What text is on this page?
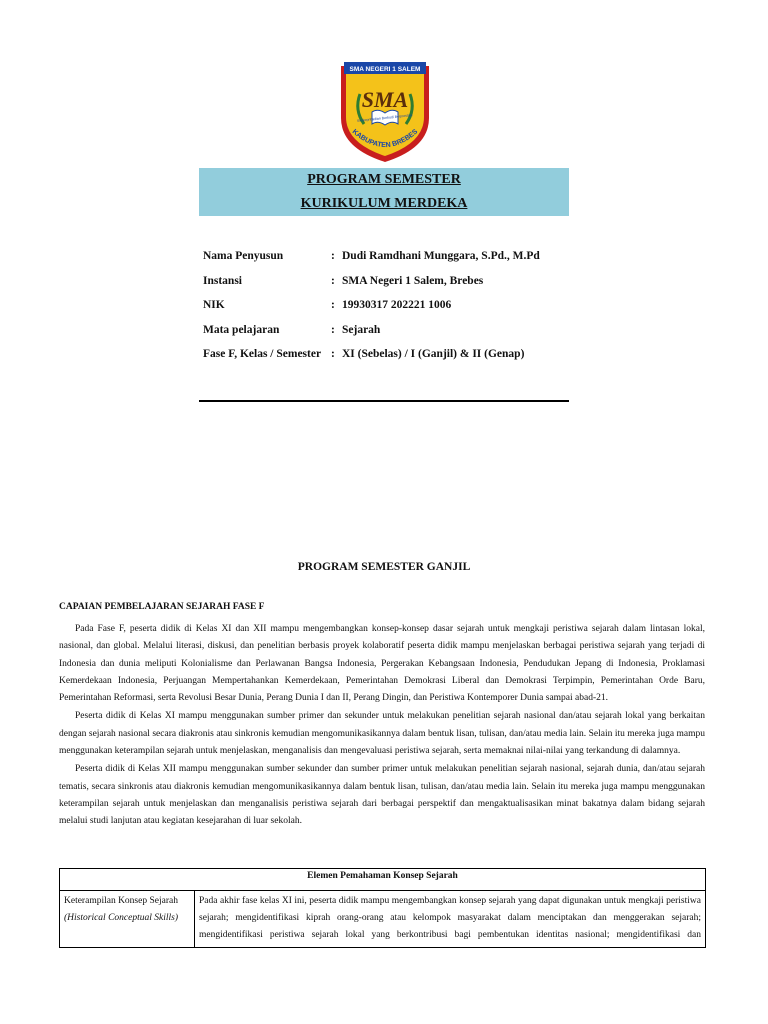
SMA NEGERI 1 SALEM
SMA
Berkepribadian Berbudi Berprestasi
KABUPATEN BREBES
PROGRAM SEMESTER
KURIKULUM MERDEKA
Nama Penyusun	: Dudi Ramdhani Munggara, S.Pd., M.Pd
Instansi	: SMA Negeri 1 Salem, Brebes
NIK	: 19930317 202221 1006
Mata pelajaran	: Sejarah
Fase F, Kelas / Semester : XI (Sebelas) / I (Ganjil) & II (Genap)
PROGRAM SEMESTER GANJIL
CAPAIAN PEMBELAJARAN SEJARAH FASE F

Pada Fase F, peserta didik di Kelas XI dan XII mampu mengembangkan konsep-konsep dasar sejarah untuk mengkaji peristiwa sejarah dalam lintasan lokal, nasional, dan global. Melalui literasi, diskusi, dan penelitian berbasis proyek kolaboratif peserta didik mampu menjelaskan berbagai peristiwa sejarah yang terjadi di Indonesia dan dunia meliputi Kolonialisme dan Perlawanan Bangsa Indonesia, Pergerakan Kebangsaan Indonesia, Pendudukan Jepang di Indonesia, Proklamasi Kemerdekaan Indonesia, Perjuangan Mempertahankan Kemerdekaan, Pemerintahan Demokrasi Liberal dan Demokrasi Terpimpin, Pemerintahan Orde Baru, Pemerintahan Reformasi, serta Revolusi Besar Dunia, Perang Dunia I dan II, Perang Dingin, dan Peristiwa Kontemporer Dunia sampai abad-21.

Peserta didik di Kelas XI mampu menggunakan sumber primer dan sekunder untuk melakukan penelitian sejarah nasional dan/atau sejarah lokal yang berkaitan dengan sejarah nasional secara diakronis atau sinkronis kemudian mengomunikasikannya dalam bentuk lisan, tulisan, dan/atau media lain. Selain itu mereka juga mampu menggunakan keterampilan sejarah untuk menjelaskan, menganalisis dan mengevaluasi peristiwa sejarah, serta memaknai nilai-nilai yang terkandung di dalamnya.

Peserta didik di Kelas XII mampu menggunakan sumber sekunder dan sumber primer untuk melakukan penelitian sejarah nasional, sejarah dunia, dan/atau sejarah tematis, secara sinkronis atau diakronis kemudian mengomunikasikannya dalam bentuk lisan, tulisan, dan/atau media lain. Selain itu mereka juga mampu menggunakan keterampilan sejarah untuk menjelaskan dan menganalisis peristiwa sejarah dari berbagai perspektif dan mengaktualisasikan minat bakatnya dalam bidang sejarah melalui studi lanjutan atau kegiatan kesejarahan di luar sekolah.

Elemen Pemahaman Konsep Sejarah

Keterampilan Konsep Sejarah
(Historical Conceptual Skills)
	Pada akhir fase kelas XI ini, peserta didik mampu mengembangkan konsep sejarah yang dapat digunakan untuk mengkaji peristiwa sejarah; mengidentifikasi kiprah orang-orang atau kelompok masyarakat dalam menciptakan dan menggerakan sejarah; mengidentifikasi peristiwa sejarah lokal yang berkontribusi bagi pembentukan identitas nasional; mengidentifikasi dan
